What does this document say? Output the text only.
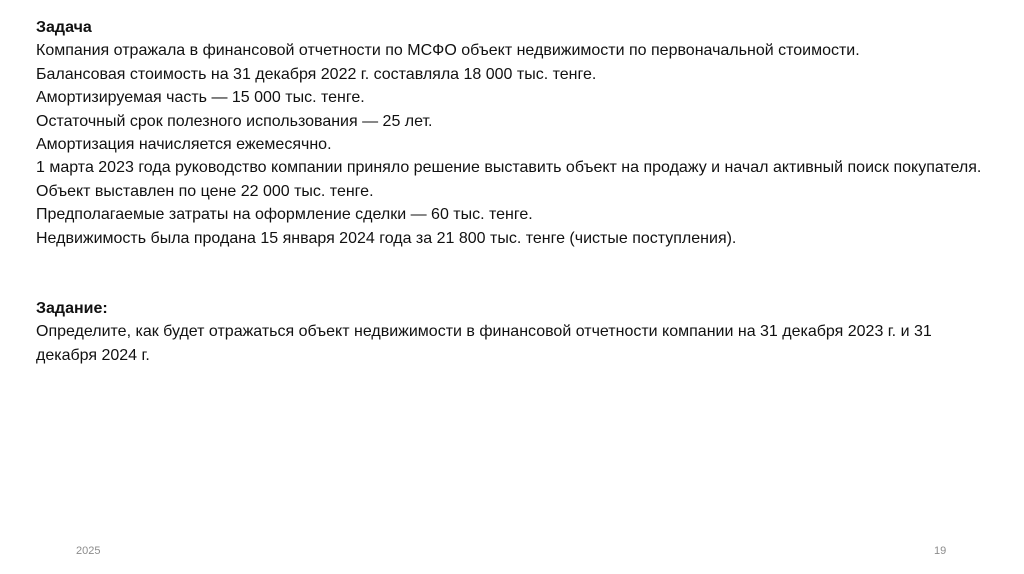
Задача

Компания отражала в финансовой отчетности по МСФО объект недвижимости по первоначальной стоимости.

Балансовая стоимость на 31 декабря 2022 г. составляла 18 000 тыс. тенге.

Амортизируемая часть — 15 000 тыс. тенге.

Остаточный срок полезного использования — 25 лет.

Амортизация начисляется ежемесячно.

1 марта 2023 года руководство компании приняло решение выставить объект на продажу и начал активный поиск покупателя.

Объект выставлен по цене 22 000 тыс. тенге.

Предполагаемые затраты на оформление сделки — 60 тыс. тенге.

Недвижимость была продана 15 января 2024 года за 21 800 тыс. тенге (чистые поступления).

Задание:

Определите, как будет отражаться объект недвижимости в финансовой отчетности компании на 31 декабря 2023 г. и 31 декабря 2024 г.

2025	19
